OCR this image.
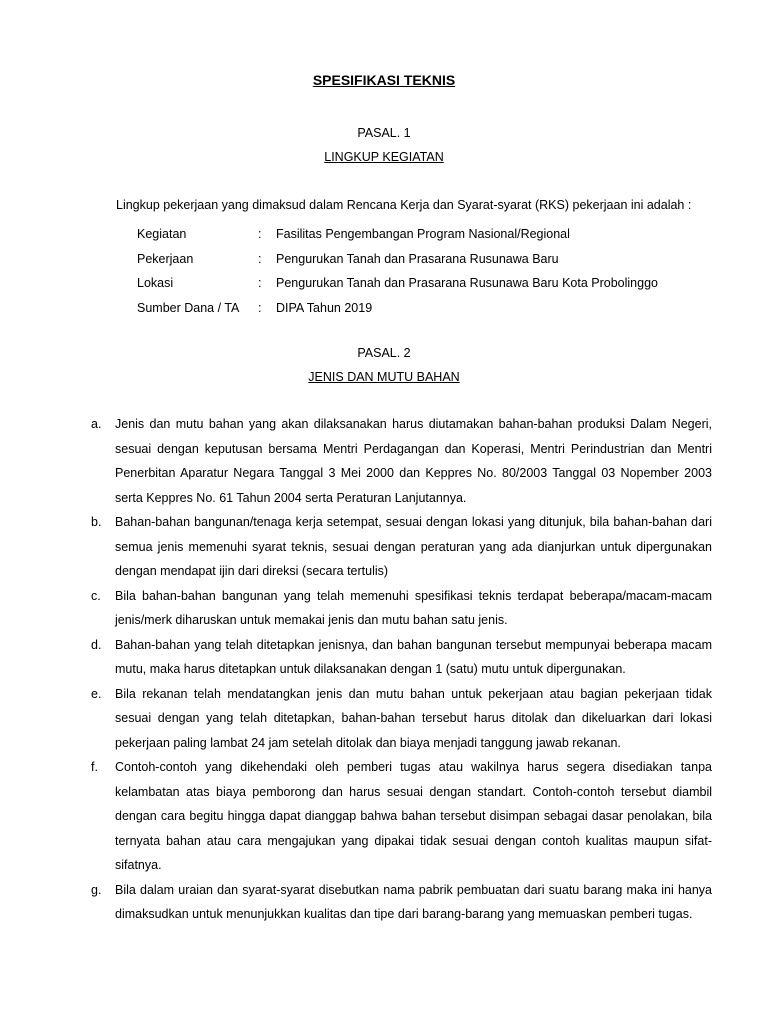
SPESIFIKASI TEKNIS
PASAL. 1
LINGKUP KEGIATAN
Lingkup pekerjaan yang dimaksud dalam Rencana Kerja dan Syarat-syarat (RKS) pekerjaan ini adalah :
Kegiatan	:	Fasilitas Pengembangan Program Nasional/Regional
Pekerjaan	:	Pengurukan Tanah dan Prasarana Rusunawa Baru
Lokasi	:	Pengurukan Tanah dan Prasarana Rusunawa Baru Kota Probolinggo
Sumber Dana / TA	:	DIPA Tahun 2019
PASAL. 2
JENIS DAN MUTU BAHAN
a.	Jenis dan mutu bahan yang akan dilaksanakan harus diutamakan bahan-bahan produksi Dalam Negeri, sesuai dengan keputusan bersama Mentri Perdagangan dan Koperasi, Mentri Perindustrian dan Mentri Penerbitan Aparatur Negara Tanggal 3 Mei 2000 dan Keppres No. 80/2003 Tanggal 03 Nopember 2003 serta Keppres No. 61 Tahun 2004 serta Peraturan Lanjutannya.
b.	Bahan-bahan bangunan/tenaga kerja setempat, sesuai dengan lokasi yang ditunjuk, bila bahan-bahan dari semua jenis memenuhi syarat teknis, sesuai dengan peraturan yang ada dianjurkan untuk dipergunakan dengan mendapat ijin dari direksi (secara tertulis)
c.	Bila bahan-bahan bangunan yang telah memenuhi spesifikasi teknis terdapat beberapa/macam-macam jenis/merk diharuskan untuk memakai jenis dan mutu bahan satu jenis.
d.	Bahan-bahan yang telah ditetapkan jenisnya, dan bahan bangunan tersebut mempunyai beberapa macam mutu, maka harus ditetapkan untuk dilaksanakan dengan 1 (satu) mutu untuk dipergunakan.
e.	Bila rekanan telah mendatangkan jenis dan mutu bahan untuk pekerjaan atau bagian pekerjaan tidak sesuai dengan yang telah ditetapkan, bahan-bahan tersebut harus ditolak dan dikeluarkan dari lokasi pekerjaan paling lambat 24 jam setelah ditolak dan biaya menjadi tanggung jawab rekanan.
f.	Contoh-contoh yang dikehendaki oleh pemberi tugas atau wakilnya harus segera disediakan tanpa kelambatan atas biaya pemborong dan harus sesuai dengan standart. Contoh-contoh tersebut diambil dengan cara begitu hingga dapat dianggap bahwa bahan tersebut disimpan sebagai dasar penolakan, bila ternyata bahan atau cara mengajukan yang dipakai tidak sesuai dengan contoh kualitas maupun sifat-sifatnya.
g.	Bila dalam uraian dan syarat-syarat disebutkan nama pabrik pembuatan dari suatu barang maka ini hanya dimaksudkan untuk menunjukkan kualitas dan tipe dari barang-barang yang memuaskan pemberi tugas.
